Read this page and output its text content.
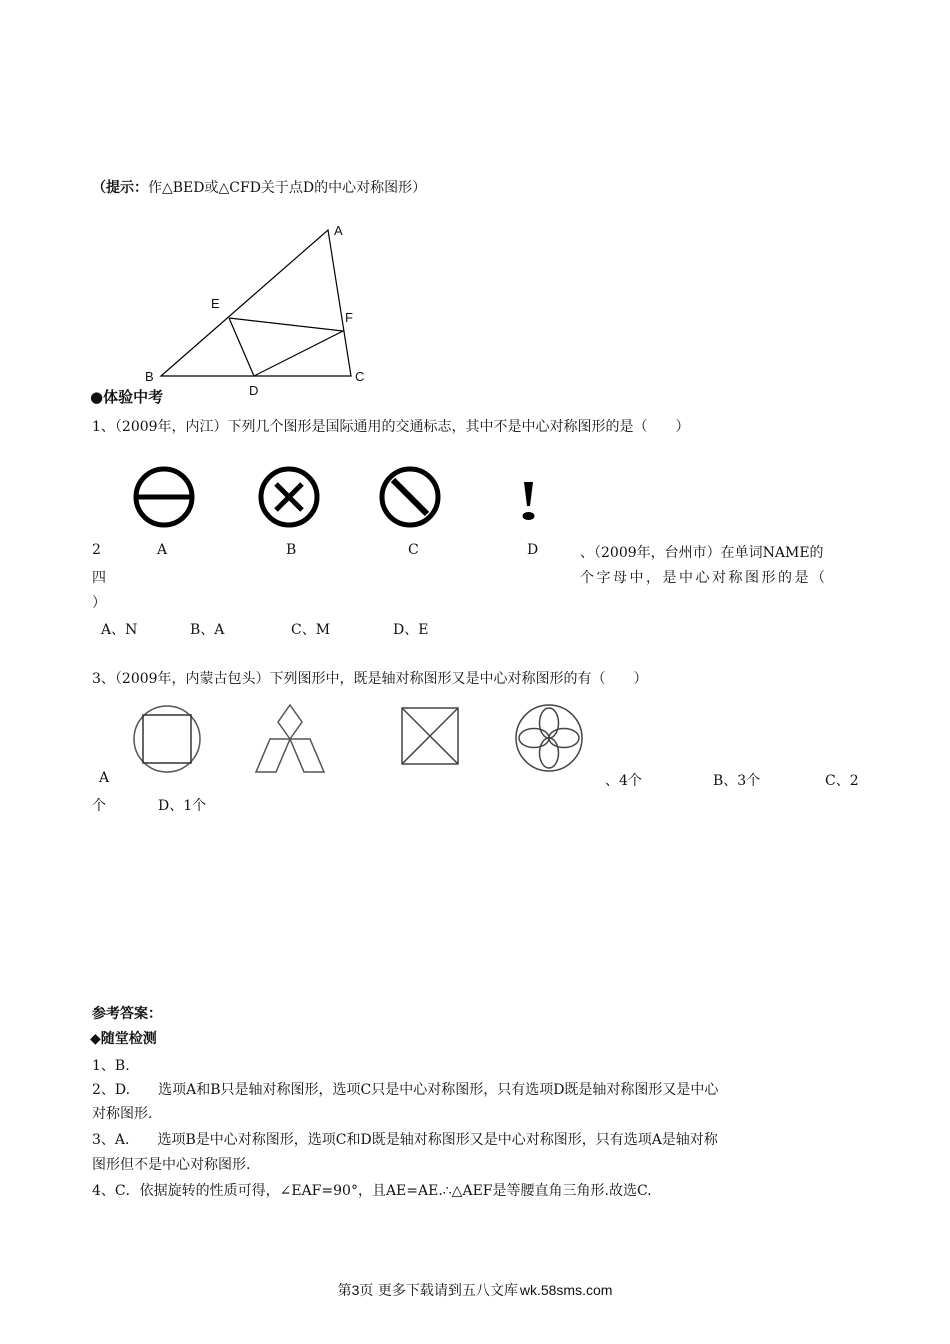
（提示：作△BED或△CFD关于点D的中心对称图形）
A
E
F
B	C
D
●体验中考
1、（2009年，内江）下列几个图形是国际通用的交通标志，其中不是中心对称图形的是（　　）
A	B	C	D
2	、（2009年，台州市）在单词NAME的
四	个字母中，是中心对称图形的是（
）
A、N	B、A	C、M	D、E
3、（2009年，内蒙古包头）下列图形中，既是轴对称图形又是中心对称图形的有（　　）
A	、4个	B、3个	C、2
个	D、1个
参考答案：
◆随堂检测
1、B.
2、D.　　选项A和B只是轴对称图形，选项C只是中心对称图形，只有选项D既是轴对称图形又是中心
对称图形.
3、A.　　选项B是中心对称图形，选项C和D既是轴对称图形又是中心对称图形，只有选项A是轴对称
图形但不是中心对称图形.
4、C．依据旋转的性质可得，∠EAF=90°，且AE=AE.∴△AEF是等腰直角三角形.故选C.
第3页 更多下载请到五八文库 wk.58sms.com
